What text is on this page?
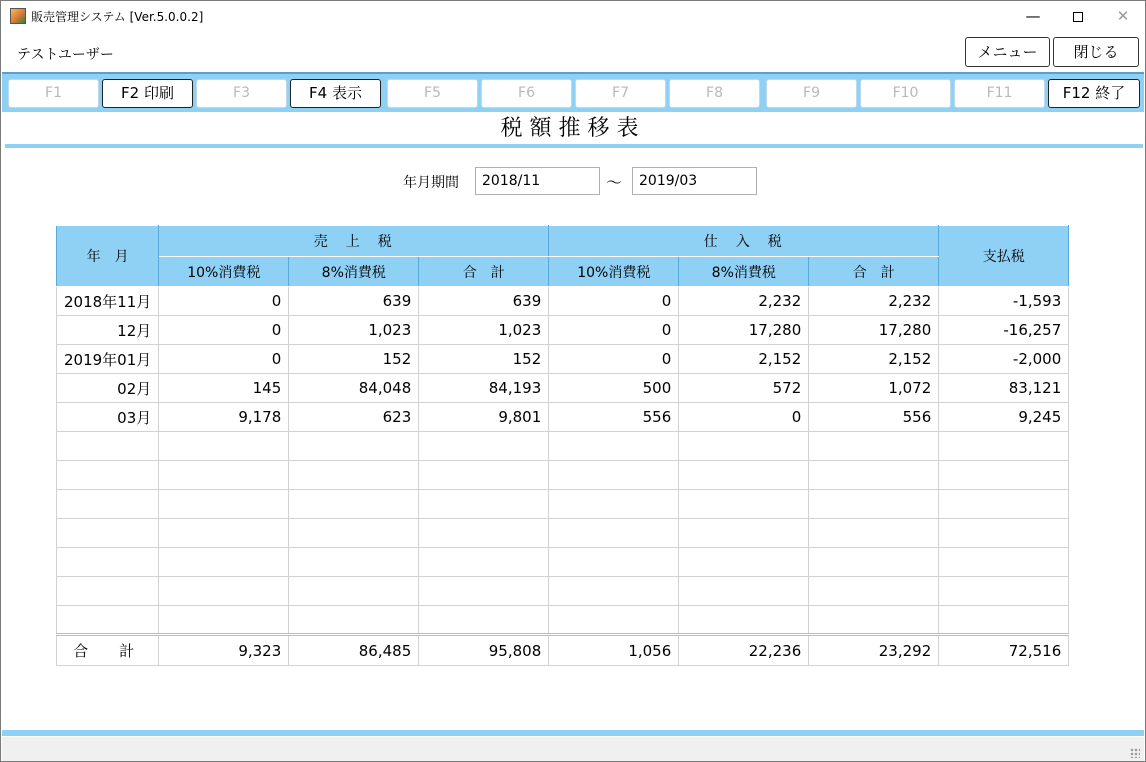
販売管理システム [Ver.5.0.0.2]	—	✕
テストユーザー	メニュー	閉じる
F1	F2 印刷	F3	F4 表示	F5	F6	F7	F8	F9	F10	F11	F12 終了
税額推移表
年月期間
2018/11	～
2019/03
年　月	売　上　税			仕　入　税			支払税
	10%消費税	8%消費税	合　計	10%消費税	8%消費税	合　計	
2018年11月	0	639	639	0	2,232	2,232	-1,593
12月	0	1,023	1,023	0	17,280	17,280	-16,257
2019年01月	0	152	152	0	2,152	2,152	-2,000
02月	145	84,048	84,193	500	572	1,072	83,121
03月	9,178	623	9,801	556	0	556	9,245

合　計	9,323	86,485	95,808	1,056	22,236	23,292	72,516
